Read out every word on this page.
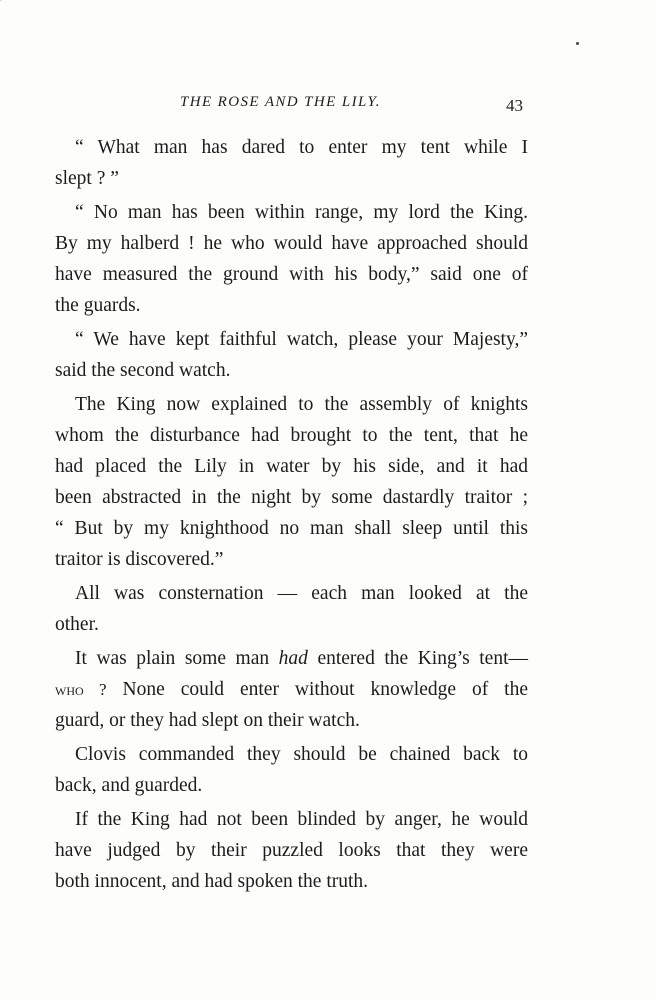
THE ROSE AND THE LILY.	43
“ What man has dared to enter my tent while I
slept ? ”
“ No man has been within range, my lord the King.
By my halberd ! he who would have approached should
have measured the ground with his body,” said one of
the guards.
“ We have kept faithful watch, please your Majesty,”
said the second watch.
The King now explained to the assembly of knights
whom the disturbance had brought to the tent, that he
had placed the Lily in water by his side, and it had
been abstracted in the night by some dastardly traitor ;
“ But by my knighthood no man shall sleep until this
traitor is discovered.”
All was consternation — each man looked at the
other.
It was plain some man had entered the King’s tent—
who ? None could enter without knowledge of the
guard, or they had slept on their watch.
Clovis commanded they should be chained back to
back, and guarded.
If the King had not been blinded by anger, he would
have judged by their puzzled looks that they were
both innocent, and had spoken the truth.
